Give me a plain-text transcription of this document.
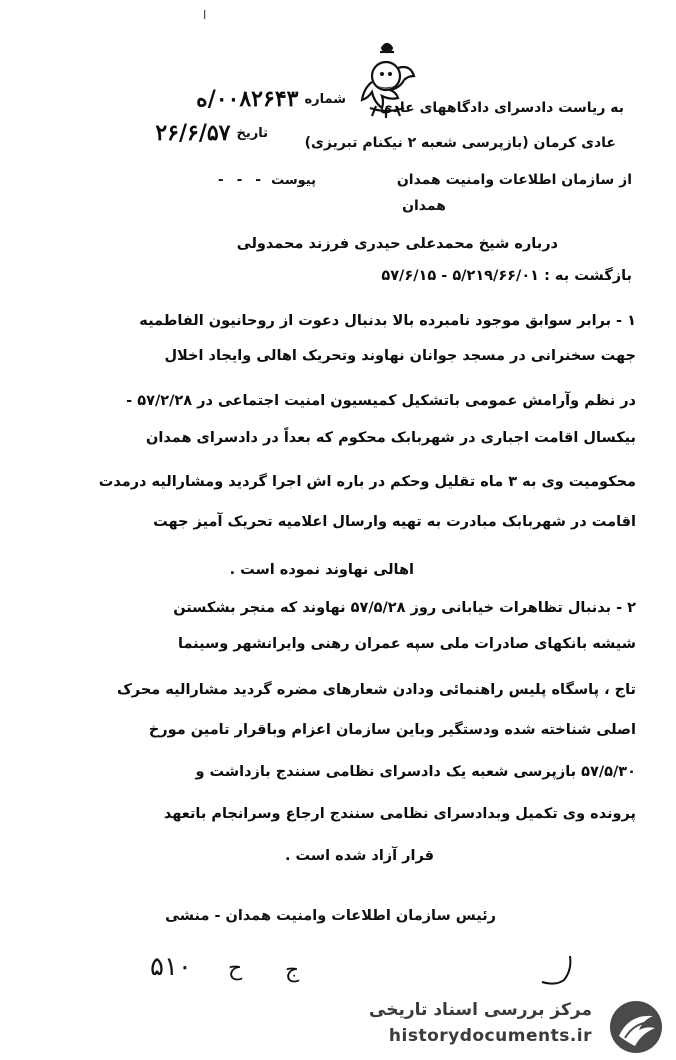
ا
شماره
۰۰۸۲۶۴۳/ه
تاریخ
۲۶/۶/۵۷
پیوست
- - -
به ریاست دادسرای دادگاههای عادی
عادی کرمان (بازپرسی شعبه ۲ نیکنام تبریزی)
از سازمان اطلاعات وامنیت همدان
همدان
درباره شیخ محمدعلی حیدری فرزند محمدولی
بازگشت به : ۵/۲۱۹/۶۶/۰۱ - ۵۷/۶/۱۵
۱ - برابر سوابق موجود نامبرده بالا بدنبال دعوت از روحانیون الفاطمیه
جهت سخنرانی در مسجد جوانان نهاوند وتحریک اهالی وایجاد اخلال
در نظم وآرامش عمومی باتشکیل کمیسیون امنیت اجتماعی در ۵۷/۲/۲۸ -
بیکسال اقامت اجباری در شهربابک محکوم که بعداً در دادسرای همدان
محکومیت وی به ۳ ماه تقلیل وحکم در باره اش اجرا گردید ومشارالیه درمدت
اقامت در شهربابک مبادرت به تهیه وارسال اعلامیه تحریک آمیز جهت
اهالی نهاوند نموده است .
۲ - بدنبال تظاهرات خیابانی روز ۵۷/۵/۲۸ نهاوند که منجر بشکستن
شیشه بانکهای صادرات ملی سپه عمران رهنی وایرانشهر وسینما
تاج ، پاسگاه پلیس راهنمائی ودادن شعارهای مضره گردید مشارالیه محرک
اصلی شناخته شده ودستگیر وباین سازمان اعزام وباقرار تامین مورخ
۵۷/۵/۳۰ بازپرسی شعبه یک دادسرای نظامی سنندج بازداشت و
پرونده وی تکمیل وبدادسرای نظامی سنندج ارجاع وسرانجام باتعهد
قرار آزاد شده است .
رئیس سازمان اطلاعات وامنیت همدان - منشی
۵۱۰ ح ج
مرکز بررسی اسناد تاریخی
historydocuments.ir
